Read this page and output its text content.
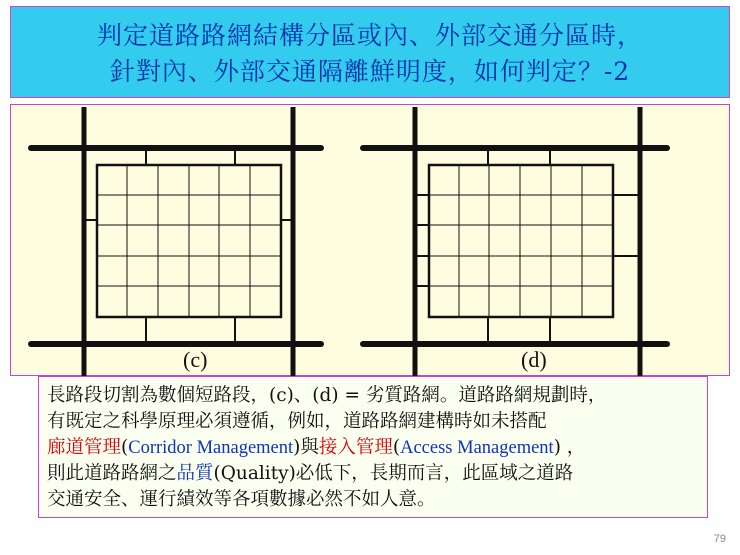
判定道路路網結構分區或內、外部交通分區時，
針對內、外部交通隔離鮮明度，如何判定？-2
(c)	(d)
長路段切割為數個短路段，(c)、(d) = 劣質路網。道路路網規劃時，
有既定之科學原理必須遵循，例如，道路路網建構時如未搭配
廊道管理(Corridor Management)與接入管理(Access Management) ，
則此道路路網之品質(Quality)必低下，長期而言，此區域之道路
交通安全、運行績效等各項數據必然不如人意。
79
